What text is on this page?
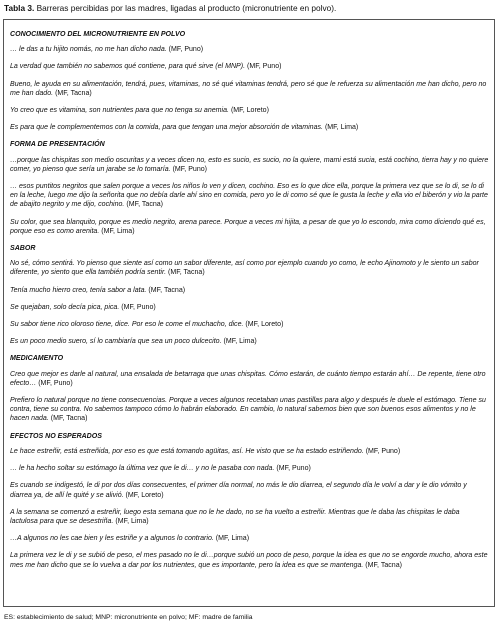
Tabla 3. Barreras percibidas por las madres, ligadas al producto (micronutriente en polvo).
CONOCIMIENTO DEL MICRONUTRIENTE EN POLVO
… le das a tu hijito nomás, no me han dicho nada. (MF, Puno)
La verdad que también no sabemos qué contiene, para qué sirve (el MNP). (MF, Puno)
Bueno, le ayuda en su alimentación, tendrá, pues, vitaminas, no sé qué vitaminas tendrá, pero sé que le refuerza su alimentación me han dicho, pero no me han dado. (MF, Tacna)
Yo creo que es vitamina, son nutrientes para que no tenga su anemia. (MF, Loreto)
Es para que le complementemos con la comida, para que tengan una mejor absorción de vitaminas. (MF, Lima)
FORMA DE PRESENTACIÓN
…porque las chispitas son medio oscuritas y a veces dicen no, esto es sucio, es sucio, no la quiere, mami está sucia, está cochino, tierra hay y no quiere comer, yo pienso que sería un jarabe se lo tomaría. (MF, Puno)
… esos puntitos negritos que salen porque a veces los niños lo ven y dicen, cochino. Eso es lo que dice ella, porque la primera vez que se lo di, se lo di en la leche, luego me dijo la señorita que no debía darle ahí sino en comida, pero yo le di como sé que le gusta la leche y ella vio el biberón y vio la parte de abajito negrito y me dijo, cochino. (MF, Tacna)
Su color, que sea blanquito, porque es medio negrito, arena parece. Porque a veces mi hijita, a pesar de que yo lo escondo, mira como diciendo qué es, porque eso es como arenita. (MF, Lima)
SABOR
No sé, cómo sentirá. Yo pienso que siente así como un sabor diferente, así como por ejemplo cuando yo como, le echo Ajinomoto y le siento un sabor diferente, yo siento que ella también podría sentir. (MF, Tacna)
Tenía mucho hierro creo, tenía sabor a lata. (MF, Tacna)
Se quejaban, solo decía pica, pica. (MF, Puno)
Su sabor tiene rico oloroso tiene, dice. Por eso le come el muchacho, dice. (MF, Loreto)
Es un poco medio suero, sí lo cambiaría que sea un poco dulcecito. (MF, Lima)
MEDICAMENTO
Creo que mejor es darle al natural, una ensalada de betarraga que unas chispitas. Cómo estarán, de cuánto tiempo estarán ahí… De repente, tiene otro efecto… (MF, Puno)
Prefiero lo natural porque no tiene consecuencias. Porque a veces algunos recetaban unas pastillas para algo y después le duele el estómago. Tiene su contra, tiene su contra. No sabemos tampoco cómo lo habrán elaborado. En cambio, lo natural sabemos bien que son buenos esos alimentos y no le hacen nada. (MF, Tacna)
EFECTOS NO ESPERADOS
Le hace estreñir, está estreñida, por eso es que está tomando agüitas, así. He visto que se ha estado estriñendo. (MF, Puno)
… le ha hecho soltar su estómago la última vez que le di… y no le pasaba con nada. (MF, Puno)
Es cuando se indigestó, le di por dos días consecuentes, el primer día normal, no más le dio diarrea, el segundo día le volví a dar y le dio vómito y diarrea ya, de allí le quité y se alivió. (MF, Loreto)
A la semana se comenzó a estreñir, luego esta semana que no le he dado, no se ha vuelto a estreñir. Mientras que le daba las chispitas le daba lactulosa para que se desestriña. (MF, Lima)
…A algunos no les cae bien y les estriñe y a algunos lo contrario. (MF, Lima)
La primera vez le di y se subió de peso, el mes pasado no le di…porque subió un poco de peso, porque la idea es que no se engorde mucho, ahora este mes me han dicho que se lo vuelva a dar por los nutrientes, que es importante, pero la idea es que se mantenga. (MF, Tacna)
ES: establecimiento de salud; MNP: micronutriente en polvo; MF: madre de familia
